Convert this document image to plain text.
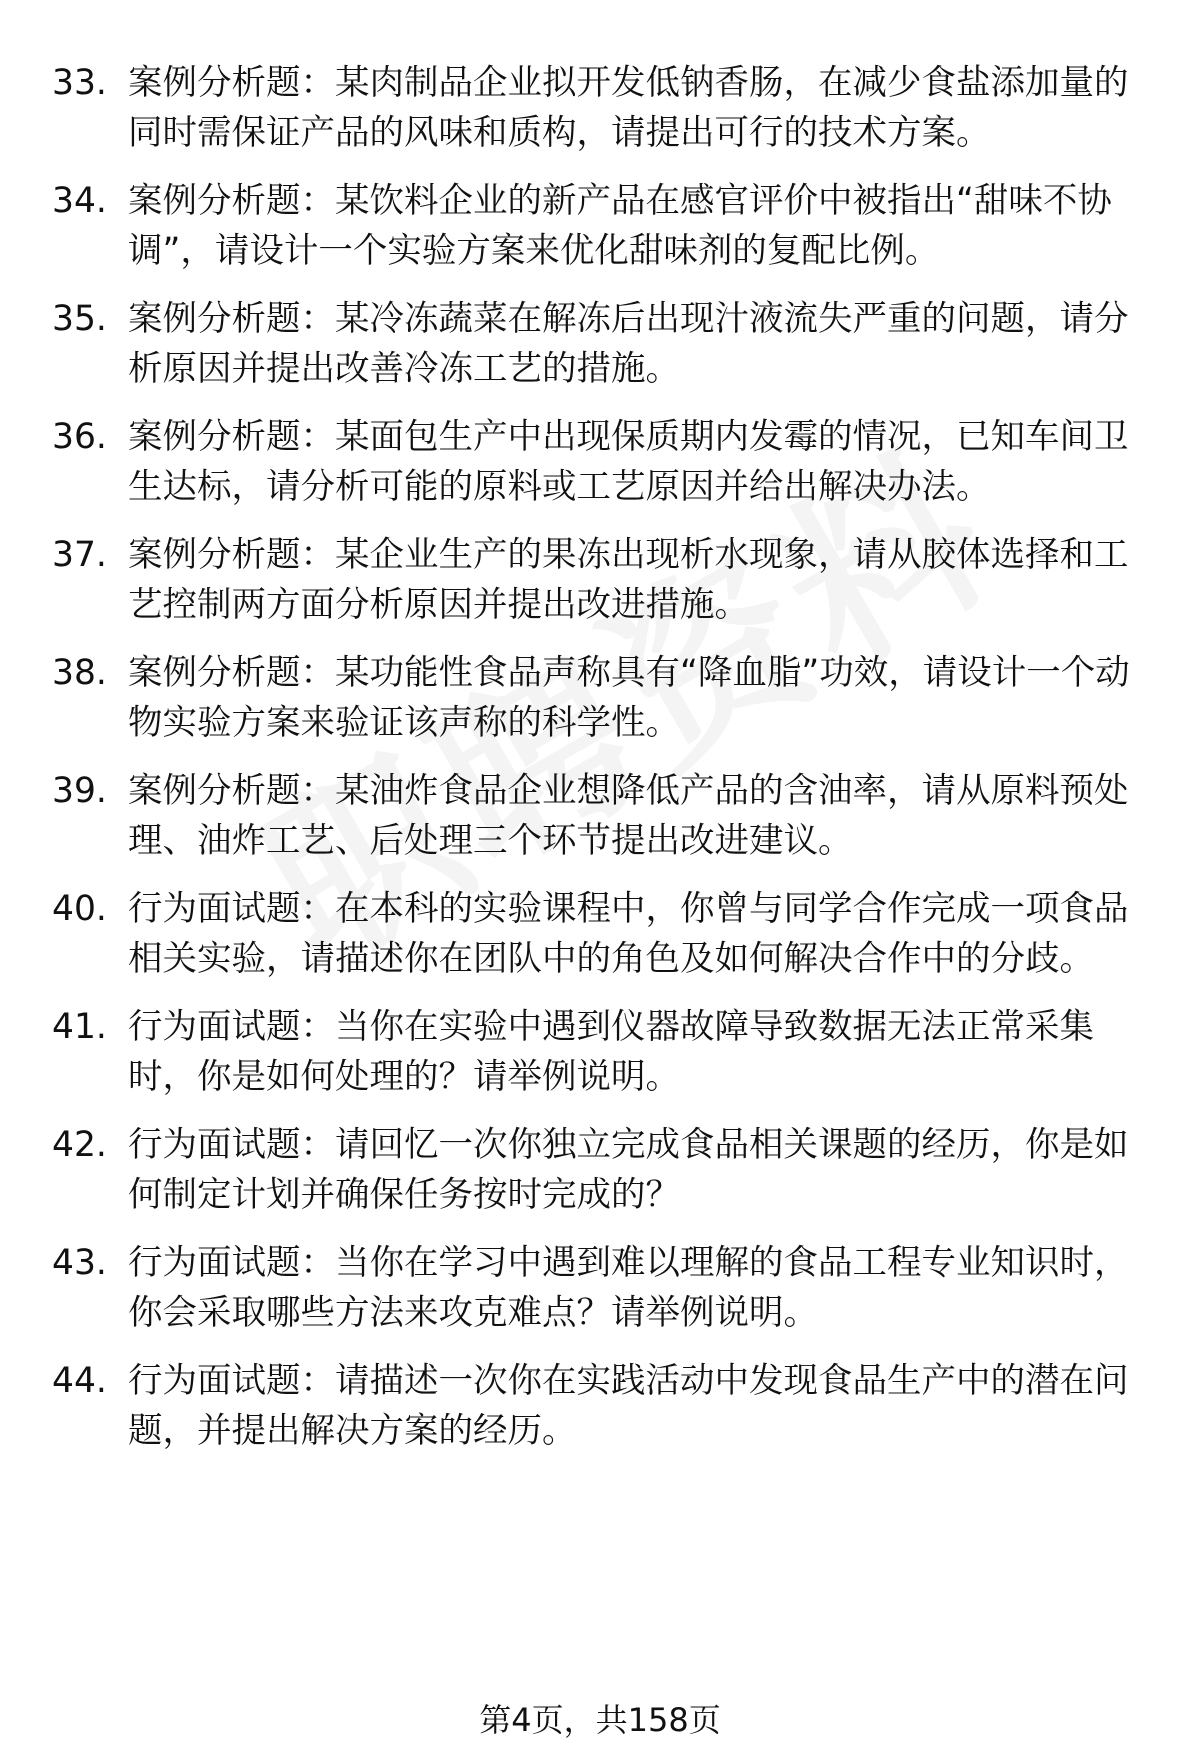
33. 案例分析题：某肉制品企业拟开发低钠香肠，在减少食盐添加量的同时需保证产品的风味和质构，请提出可行的技术方案。
34. 案例分析题：某饮料企业的新产品在感官评价中被指出“甜味不协调”，请设计一个实验方案来优化甜味剂的复配比例。
35. 案例分析题：某冷冻蔬菜在解冻后出现汁液流失严重的问题，请分析原因并提出改善冷冻工艺的措施。
36. 案例分析题：某面包生产中出现保质期内发霉的情况，已知车间卫生达标，请分析可能的原料或工艺原因并给出解决办法。
37. 案例分析题：某企业生产的果冻出现析水现象，请从胶体选择和工艺控制两方面分析原因并提出改进措施。
38. 案例分析题：某功能性食品声称具有“降血脂”功效，请设计一个动物实验方案来验证该声称的科学性。
39. 案例分析题：某油炸食品企业想降低产品的含油率，请从原料预处理、油炸工艺、后处理三个环节提出改进建议。
40. 行为面试题：在本科的实验课程中，你曾与同学合作完成一项食品相关实验，请描述你在团队中的角色及如何解决合作中的分歧。
41. 行为面试题：当你在实验中遇到仪器故障导致数据无法正常采集时，你是如何处理的？请举例说明。
42. 行为面试题：请回忆一次你独立完成食品相关课题的经历，你是如何制定计划并确保任务按时完成的？
43. 行为面试题：当你在学习中遇到难以理解的食品工程专业知识时，你会采取哪些方法来攻克难点？请举例说明。
44. 行为面试题：请描述一次你在实践活动中发现食品生产中的潜在问题，并提出解决方案的经历。
第4页，共158页
